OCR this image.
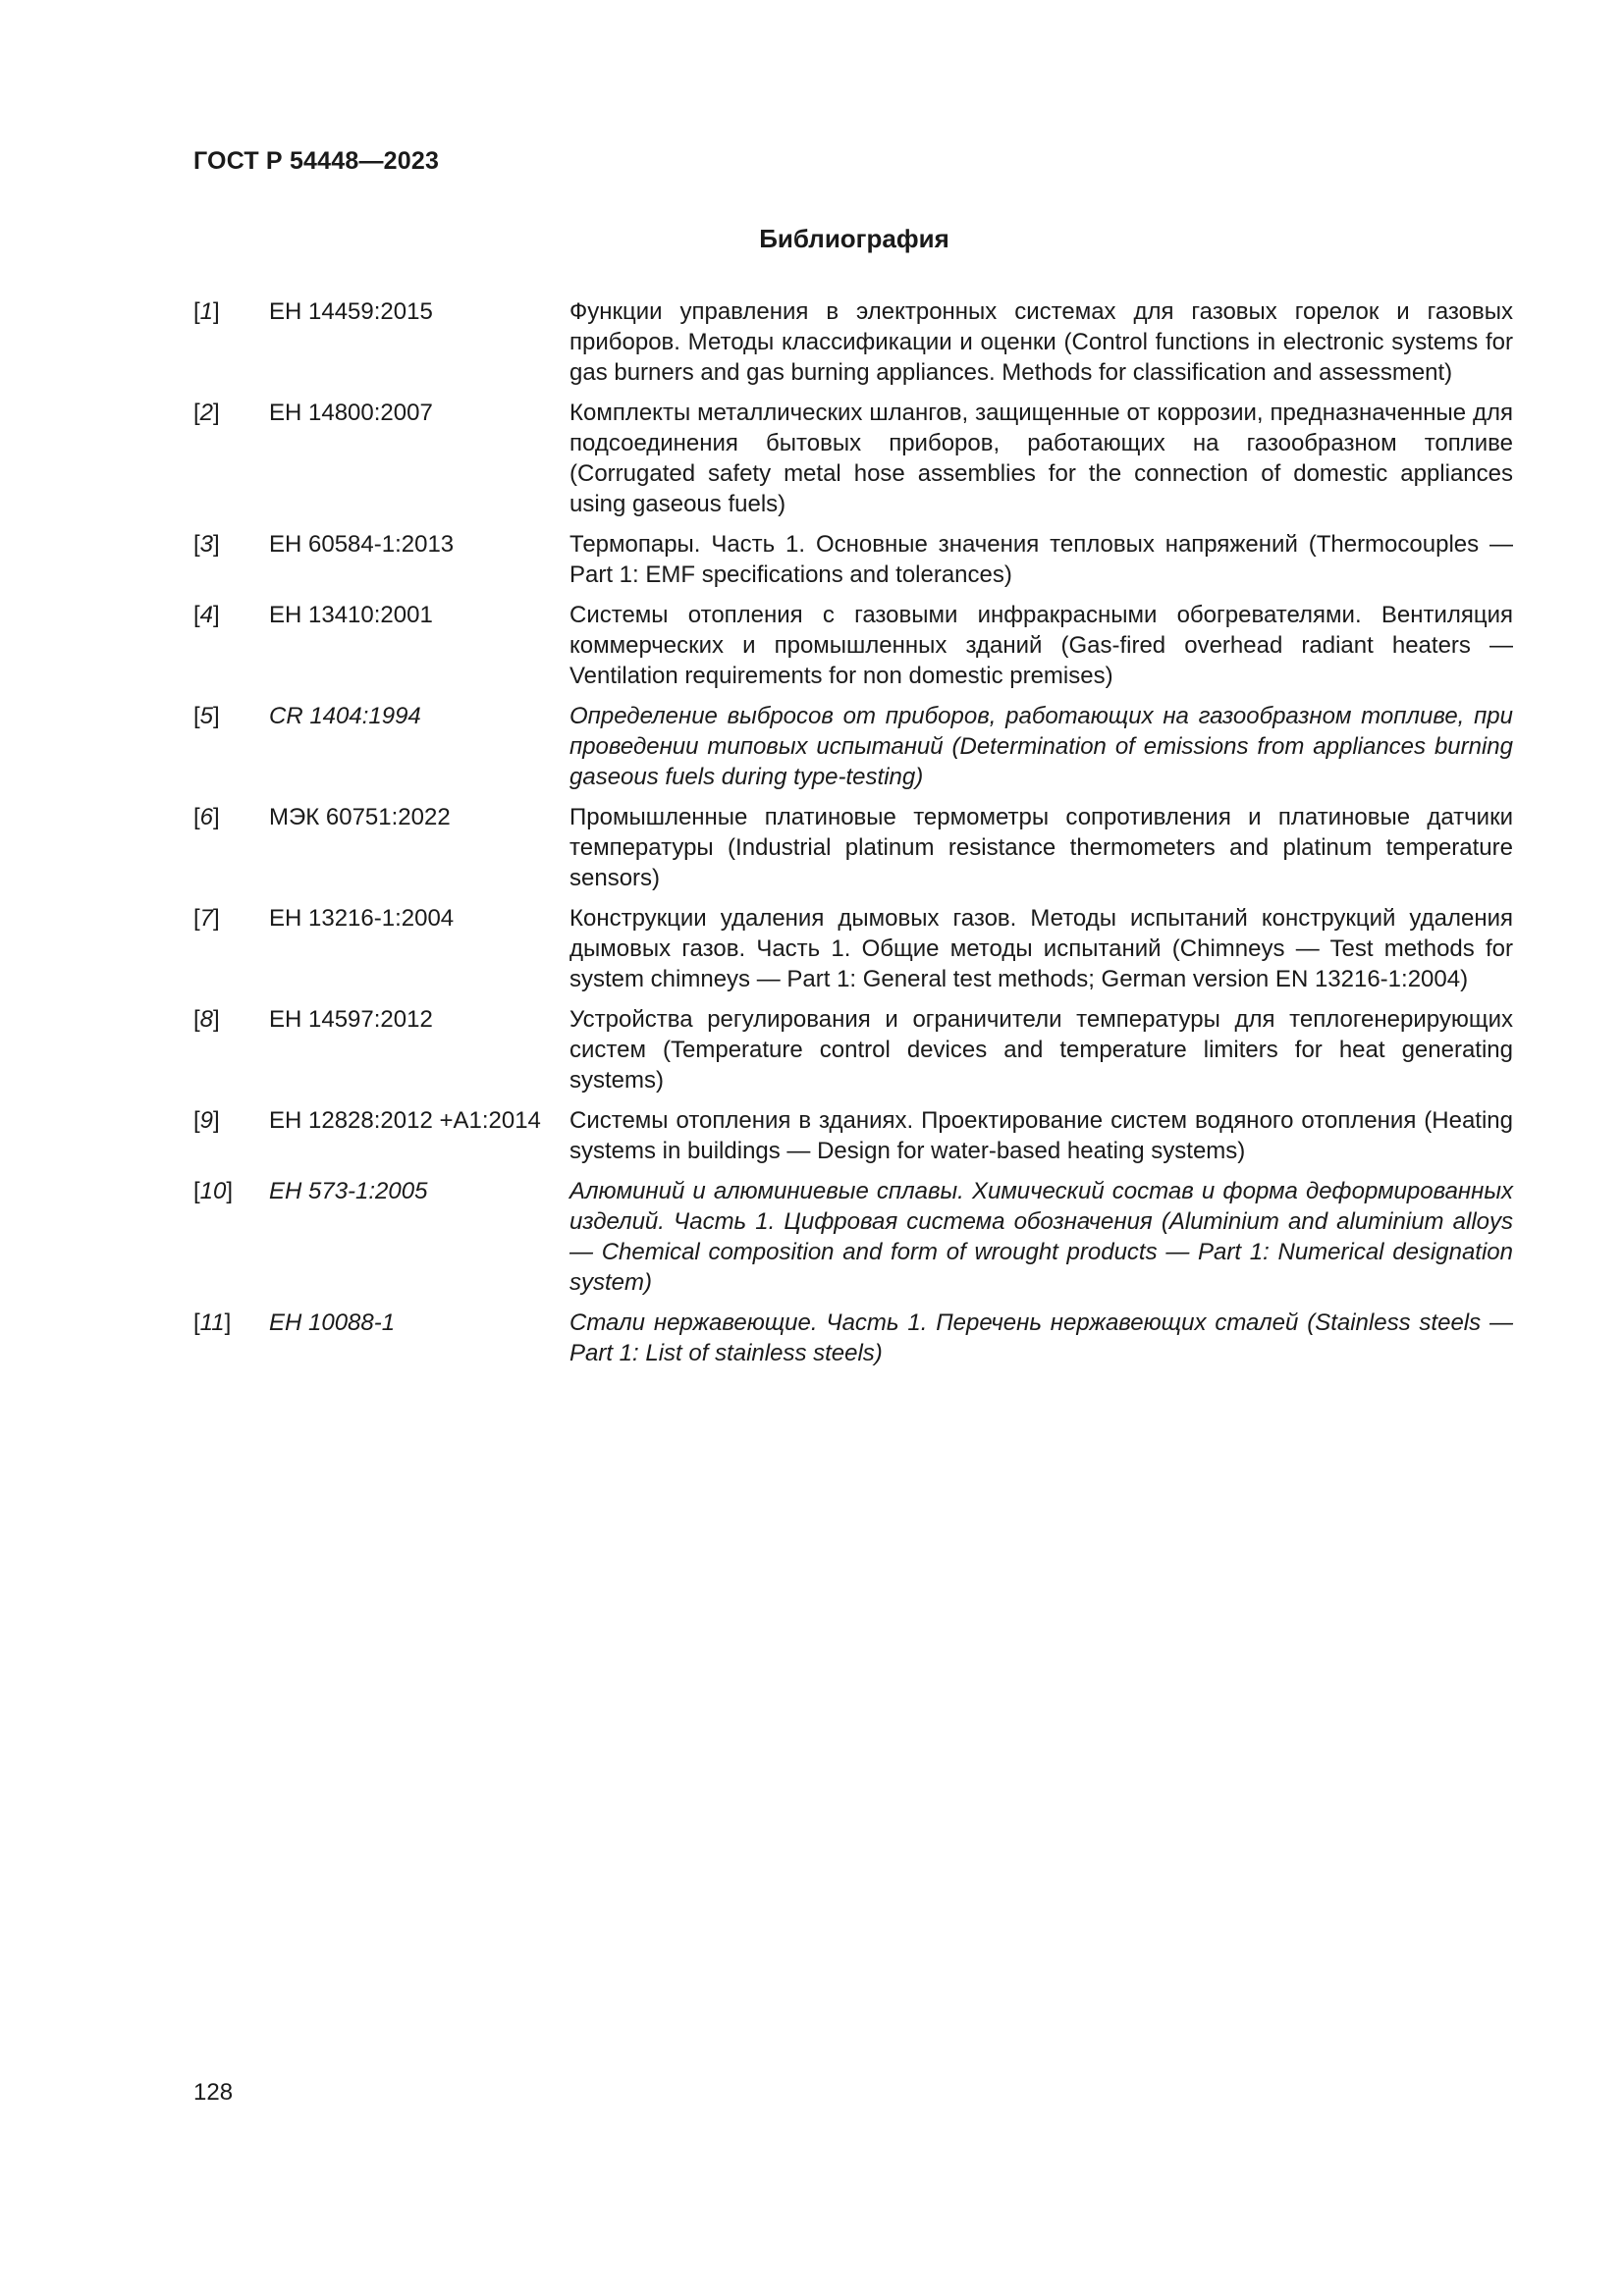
ГОСТ Р 54448—2023
Библиография
[1]	ЕН 14459:2015	Функции управления в электронных системах для газовых горелок и газовых приборов. Методы классификации и оценки (Control functions in electronic systems for gas burners and gas burning appliances. Methods for classification and assessment)
[2]	ЕН 14800:2007	Комплекты металлических шлангов, защищенные от коррозии, предназначенные для подсоединения бытовых приборов, работающих на газообразном топливе (Corrugated safety metal hose assemblies for the connection of domestic appliances using gaseous fuels)
[3]	ЕН 60584-1:2013	Термопары. Часть 1. Основные значения тепловых напряжений (Thermocouples — Part 1: EMF specifications and tolerances)
[4]	ЕН 13410:2001	Системы отопления с газовыми инфракрасными обогревателями. Вентиляция коммерческих и промышленных зданий (Gas-fired overhead radiant heaters — Ventilation requirements for non domestic premises)
[5]	CR 1404:1994	Определение выбросов от приборов, работающих на газообразном топливе, при проведении типовых испытаний (Determination of emissions from appliances burning gaseous fuels during type-testing)
[6]	МЭК 60751:2022	Промышленные платиновые термометры сопротивления и платиновые датчики температуры (Industrial platinum resistance thermometers and platinum temperature sensors)
[7]	ЕН 13216-1:2004	Конструкции удаления дымовых газов. Методы испытаний конструкций удаления дымовых газов. Часть 1. Общие методы испытаний (Chimneys — Test methods for system chimneys — Part 1: General test methods; German version EN 13216-1:2004)
[8]	ЕН 14597:2012	Устройства регулирования и ограничители температуры для теплогенерирующих систем (Temperature control devices and temperature limiters for heat generating systems)
[9]	ЕН 12828:2012 +A1:2014	Системы отопления в зданиях. Проектирование систем водяного отопления (Heating systems in buildings — Design for water-based heating systems)
[10]	ЕН 573-1:2005	Алюминий и алюминиевые сплавы. Химический состав и форма деформированных изделий. Часть 1. Цифровая система обозначения (Aluminium and aluminium alloys — Chemical composition and form of wrought products — Part 1: Numerical designation system)
[11]	ЕН 10088-1	Стали нержавеющие. Часть 1. Перечень нержавеющих сталей (Stainless steels — Part 1: List of stainless steels)
128
